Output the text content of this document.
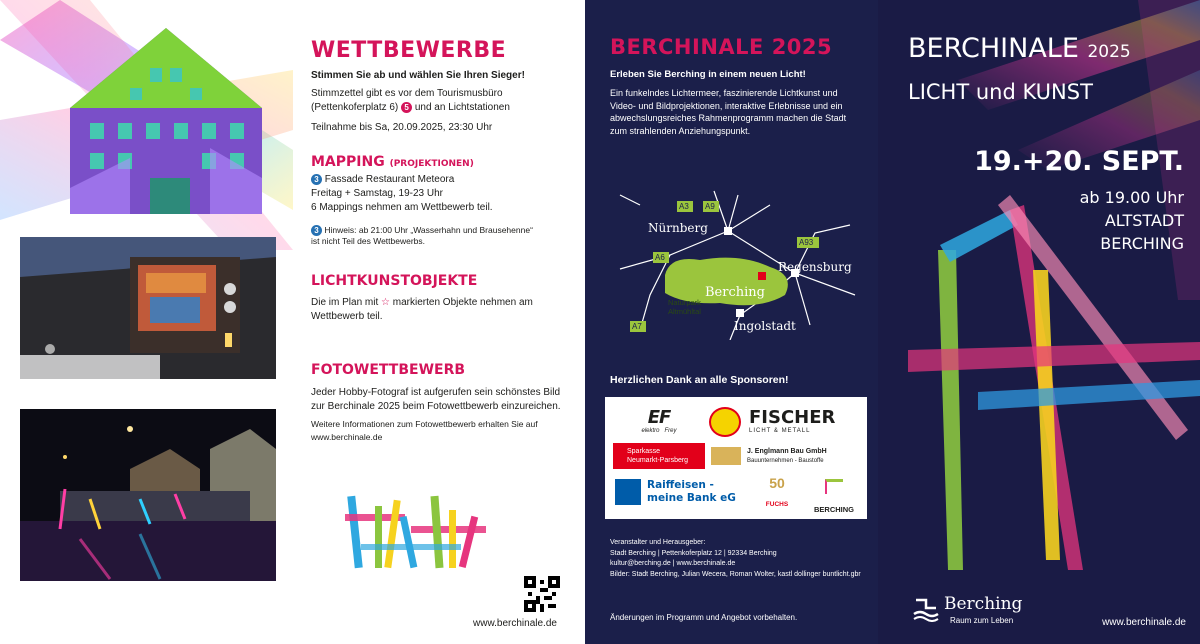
WETTBEWERBE

Stimmen Sie ab und wählen Sie Ihren Sieger!

Stimmzettel gibt es vor dem Tourismusbüro

(Pettenkoferplatz 6) 5 und an Lichtstationen

Teilnahme bis Sa, 20.09.2025, 23:30 Uhr

MAPPING (PROJEKTIONEN)

3 Fassade Restaurant Meteora

Freitag + Samstag, 19-23 Uhr

6 Mappings nehmen am Wettbewerb teil.

3 Hinweis: ab 21:00 Uhr „Wasserhahn und Brausehenne“
ist nicht Teil des Wettbewerbs.

LICHTKUNSTOBJEKTE

Die im Plan mit ☆ markierten Objekte nehmen am

Wettbewerb teil.

FOTOWETTBEWERB

Jeder Hobby-Fotograf ist aufgerufen sein schönstes Bild

zur Berchinale 2025 beim Fotowettbewerb einzureichen.

Weitere Informationen zum Fotowettbewerb erhalten Sie auf

www.berchinale.de

www.berchinale.de

BERCHINALE 2025

Erleben Sie Berching in einem neuen Licht!

Ein funkelndes Lichtermeer, faszinierende Lichtkunst und
Video- und Bildprojektionen, interaktive Erlebnisse und ein
abwechslungsreiches Rahmenprogramm machen die Stadt
zum strahlenden Anziehungspunkt.

Nürnberg
Regensburg
Ingolstadt
Berching
Naturpark
Altmühltal
A3 A9
A6
A93
A7

Herzlichen Dank an alle Sponsoren!

EF
elektro Frey
FISCHER
LICHT & METALL
Sparkasse
Neumarkt-Parsberg
J. Englmann Bau GmbH
Bauunternehmen - Baustoffe
Raiffeisen -
meine Bank eG
50
FUCHS

BERCHING

Veranstalter und Herausgeber:
Stadt Berching | Pettenkoferplatz 12 | 92334 Berching
kultur@berching.de | www.berchinale.de
Bilder: Stadt Berching, Julian Wecera, Roman Wolter, kastl dollinger buntlicht.gbr

Änderungen im Programm und Angebot vorbehalten.

BERCHINALE 2025
LICHT und KUNST
19.+20. SEPT.
ab 19.00 Uhr
ALTSTADT
BERCHING
Berching
Raum zum Leben	www.berchinale.de
